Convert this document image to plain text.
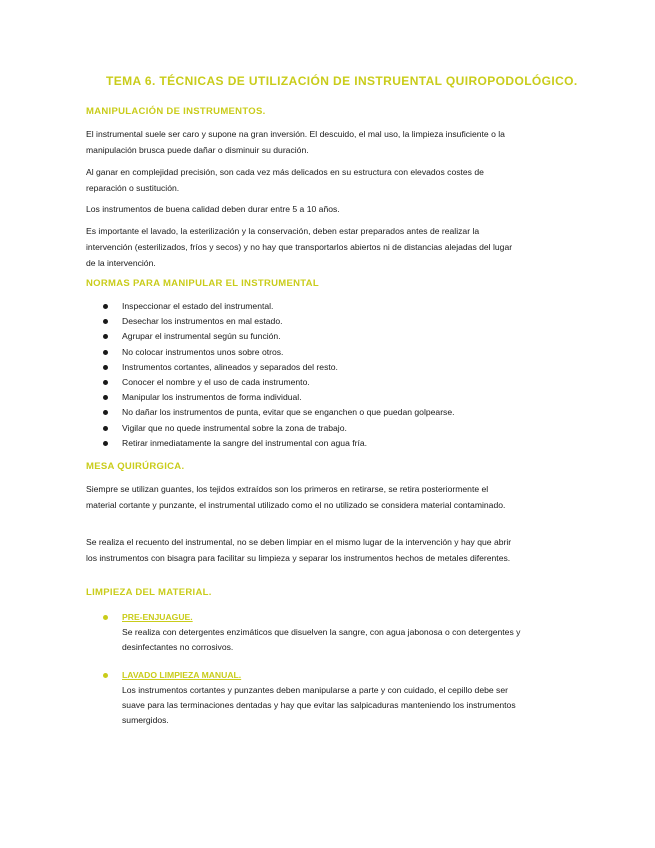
TEMA 6. TÉCNICAS DE UTILIZACIÓN DE INSTRUENTAL QUIROPODOLÓGICO.
MANIPULACIÓN DE INSTRUMENTOS.

El instrumental suele ser caro y supone na gran inversión. El descuido, el mal uso, la limpieza insuficiente o la manipulación brusca puede dañar o disminuir su duración.

Al ganar en complejidad precisión, son cada vez más delicados en su estructura con elevados costes de reparación o sustitución.

Los instrumentos de buena calidad deben durar entre 5 a 10 años.

Es importante el lavado, la esterilización y la conservación, deben estar preparados antes de realizar la intervención (esterilizados, fríos y secos) y no hay que transportarlos abiertos ni de distancias alejadas del lugar de la intervención.

NORMAS PARA MANIPULAR EL INSTRUMENTAL
Inspeccionar el estado del instrumental.
Desechar los instrumentos en mal estado.
Agrupar el instrumental según su función.
No colocar instrumentos unos sobre otros.
Instrumentos cortantes, alineados y separados del resto.
Conocer el nombre y el uso de cada instrumento.
Manipular los instrumentos de forma individual.
No dañar los instrumentos de punta, evitar que se enganchen o que puedan golpearse.
Vigilar que no quede instrumental sobre la zona de trabajo.
Retirar inmediatamente la sangre del instrumental con agua fría.
MESA QUIRÚRGICA.

Siempre se utilizan guantes, los tejidos extraídos son los primeros en retirarse, se retira posteriormente el material cortante y punzante, el instrumental utilizado como el no utilizado se considera material contaminado.

Se realiza el recuento del instrumental, no se deben limpiar en el mismo lugar de la intervención y hay que abrir los instrumentos con bisagra para facilitar su limpieza y separar los instrumentos hechos de metales diferentes.

LIMPIEZA DEL MATERIAL.
PRE-ENJUAGUE.

Se realiza con detergentes enzimáticos que disuelven la sangre, con agua jabonosa o con detergentes y desinfectantes no corrosivos.

LAVADO LIMPIEZA MANUAL.

Los instrumentos cortantes y punzantes deben manipularse a parte y con cuidado, el cepillo debe ser suave para las terminaciones dentadas y hay que evitar las salpicaduras manteniendo los instrumentos sumergidos.
